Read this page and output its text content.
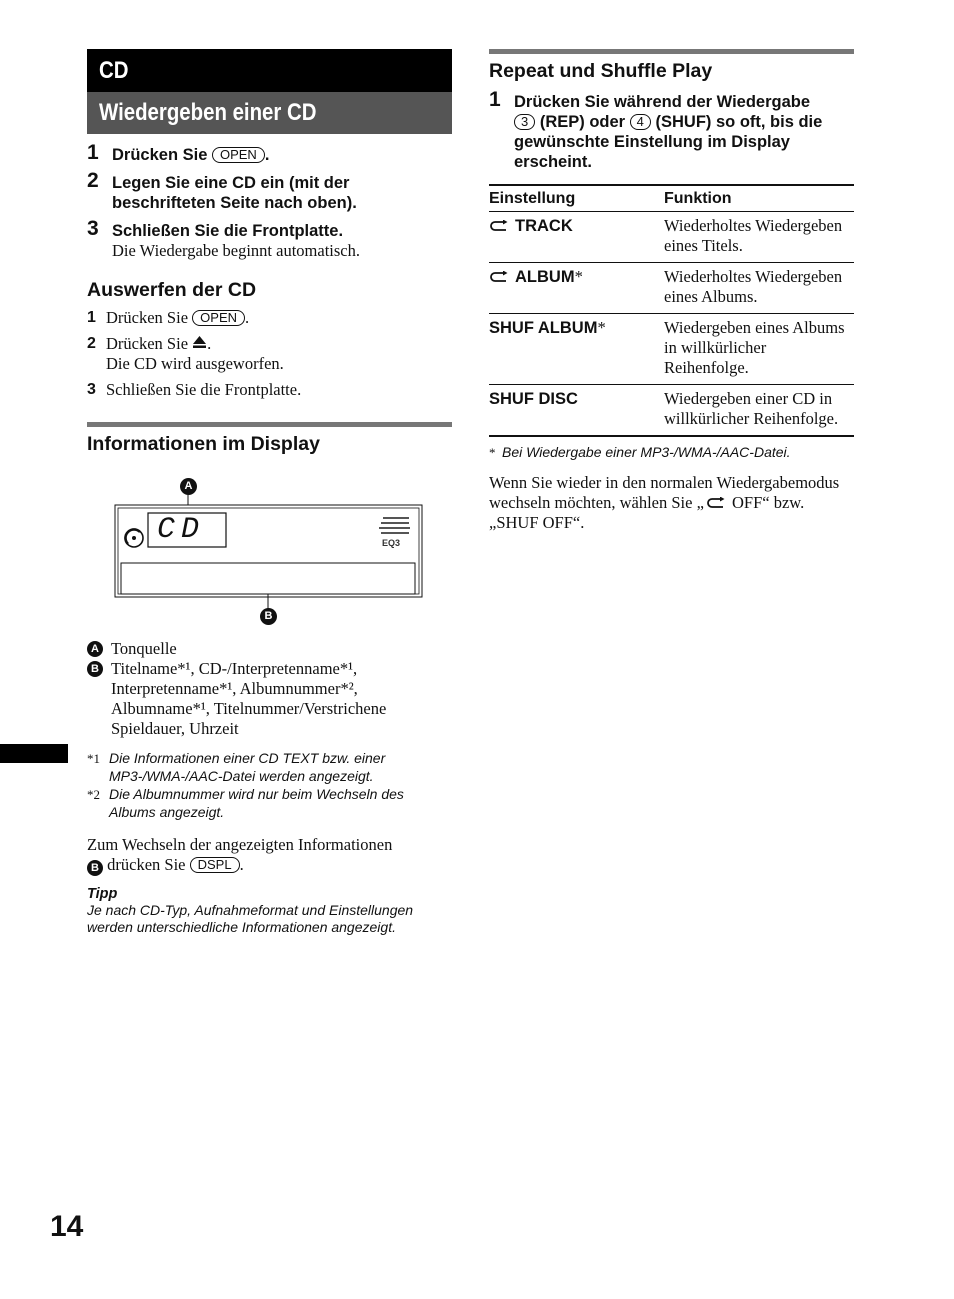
CD
Wiedergeben einer CD
1 Drücken Sie OPEN .
2 Legen Sie eine CD ein (mit der beschrifteten Seite nach oben).
3 Schließen Sie die Frontplatte.
Die Wiedergabe beginnt automatisch.
Auswerfen der CD
1 Drücken Sie OPEN .
2 Drücken Sie .
Die CD wird ausgeworfen.
3 Schließen Sie die Frontplatte.
Informationen im Display
A
CD	EQ3
B
A Tonquelle
B Titelname*¹, CD-/Interpretenname*¹, Interpretenname*¹, Albumnummer*², Albumname*¹, Titelnummer/Verstrichene Spieldauer, Uhrzeit
*1 Die Informationen einer CD TEXT bzw. einer MP3-/WMA-/AAC-Datei werden angezeigt.
*2 Die Albumnummer wird nur beim Wechseln des Albums angezeigt.
Zum Wechseln der angezeigten Informationen
B drücken Sie DSPL .
Tipp
Je nach CD-Typ, Aufnahmeformat und Einstellungen werden unterschiedliche Informationen angezeigt.
Repeat und Shuffle Play
1 Drücken Sie während der Wiedergabe
3 (REP) oder 4 (SHUF) so oft, bis die gewünschte Einstellung im Display erscheint.
Einstellung	Funktion
TRACK	Wiederholtes Wiedergeben eines Titels.
ALBUM*	Wiederholtes Wiedergeben eines Albums.
SHUF ALBUM*	Wiedergeben eines Albums in willkürlicher Reihenfolge.
SHUF DISC	Wiedergeben einer CD in willkürlicher Reihenfolge.
* Bei Wiedergabe einer MP3-/WMA-/AAC-Datei.
Wenn Sie wieder in den normalen Wiedergabemodus wechseln möchten, wählen Sie „ OFF“ bzw. „SHUF OFF“.
14
